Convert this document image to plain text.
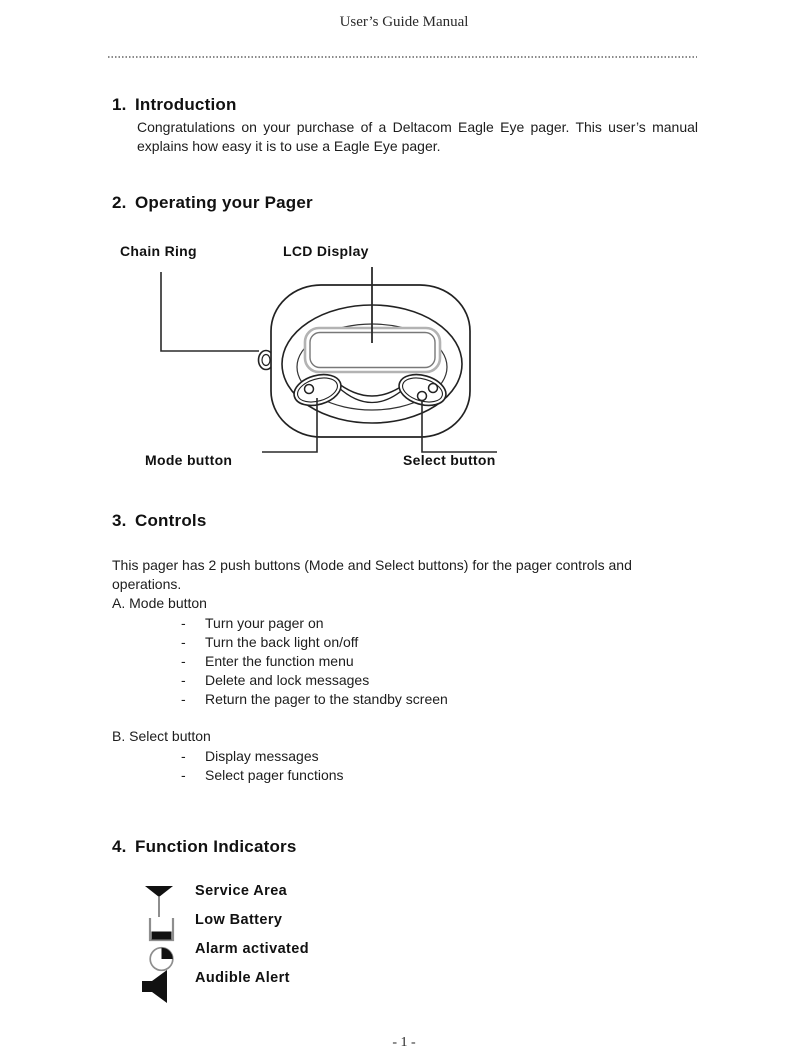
User’s Guide Manual
1. Introduction
Congratulations on your purchase of a Deltacom Eagle Eye pager. This user’s manual explains how easy it is to use a Eagle Eye pager.
2. Operating your Pager
Chain Ring	LCD Display
Mode button	Select button
3. Controls
This pager has 2 push buttons (Mode and Select buttons) for the pager controls and operations.
A. Mode button
-	Turn your pager on
-	Turn the back light on/off
-	Enter the function menu
-	Delete and lock messages
-	Return the pager to the standby screen
B. Select button
-	Display messages
-	Select pager functions
4. Function Indicators
Service Area
Low Battery
Alarm activated
Audible Alert
- 1 -
